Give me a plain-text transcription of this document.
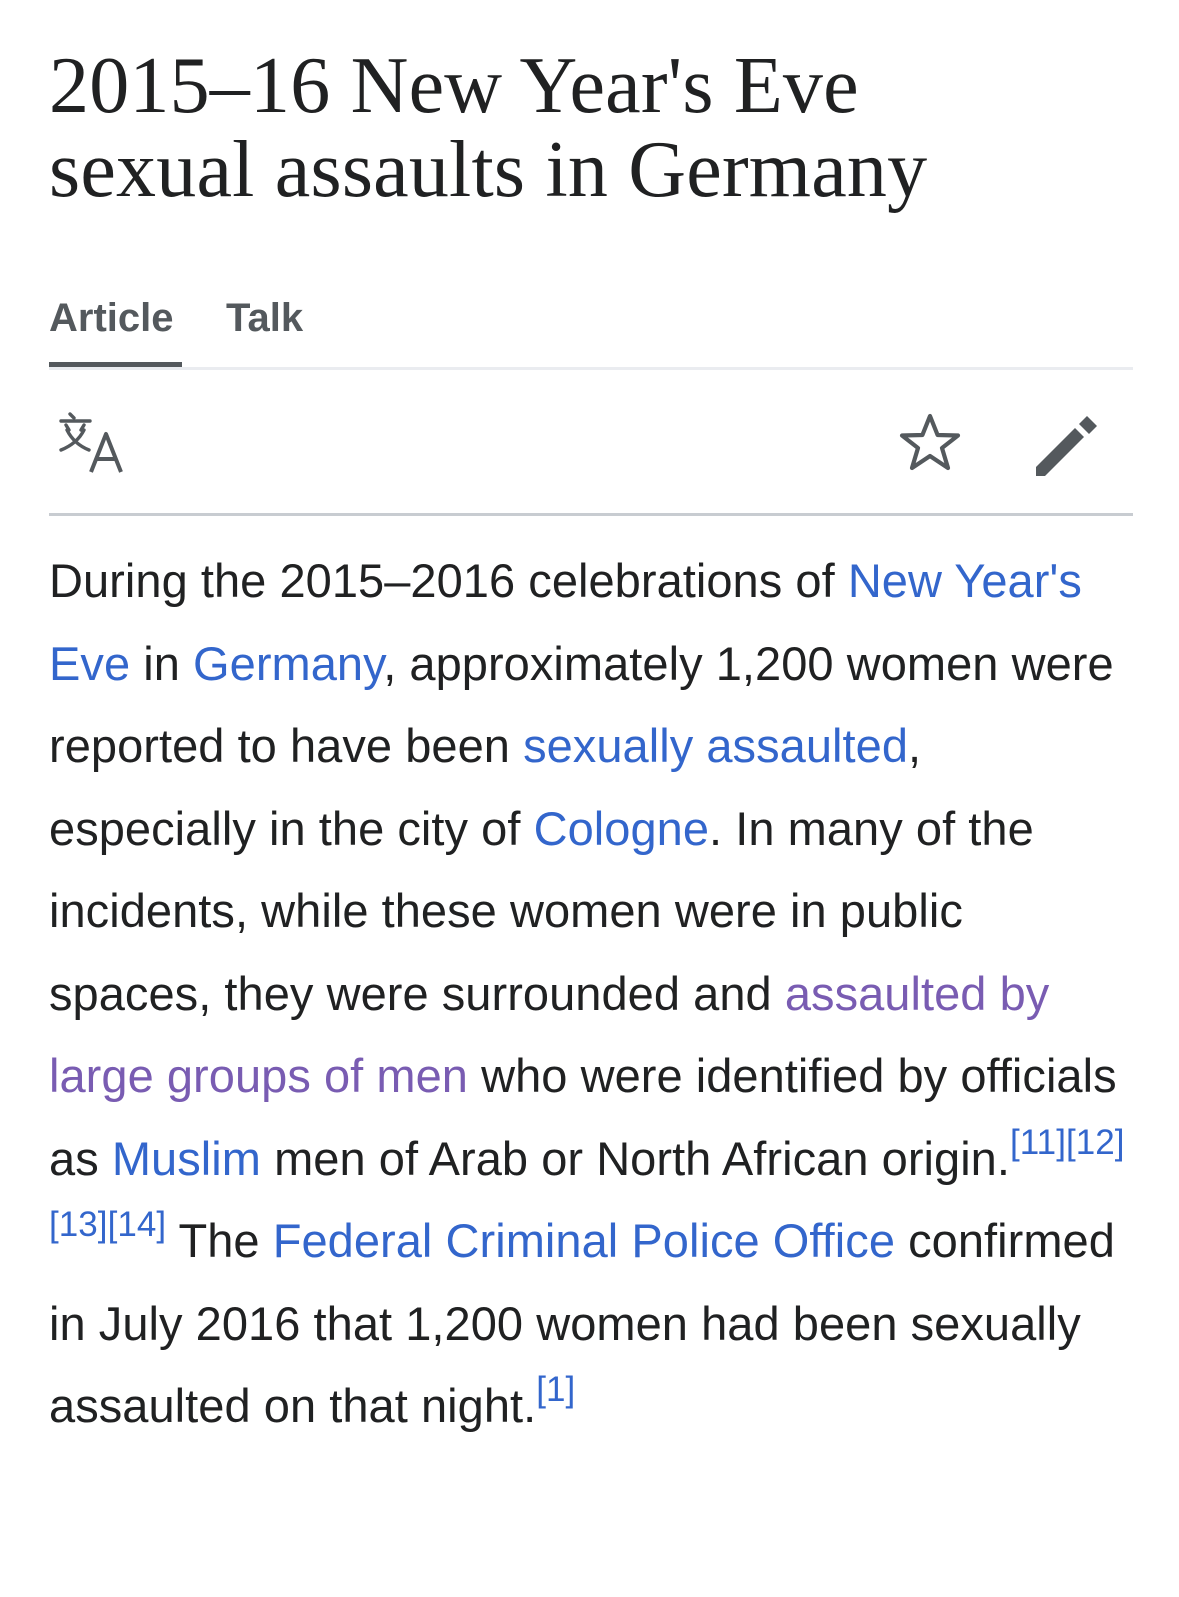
2015–16 New Year's Eve
sexual assaults in Germany
Article Talk

During the 2015–2016 celebrations of New Year's Eve in Germany, approximately 1,200 women were reported to have been sexually assaulted, especially in the city of Cologne. In many of the incidents, while these women were in public spaces, they were surrounded and assaulted by large groups of men who were identified by officials as Muslim men of Arab or North African origin.[11][12][13][14] The Federal Criminal Police Office confirmed in July 2016 that 1,200 women had been sexually assaulted on that night.[1]
